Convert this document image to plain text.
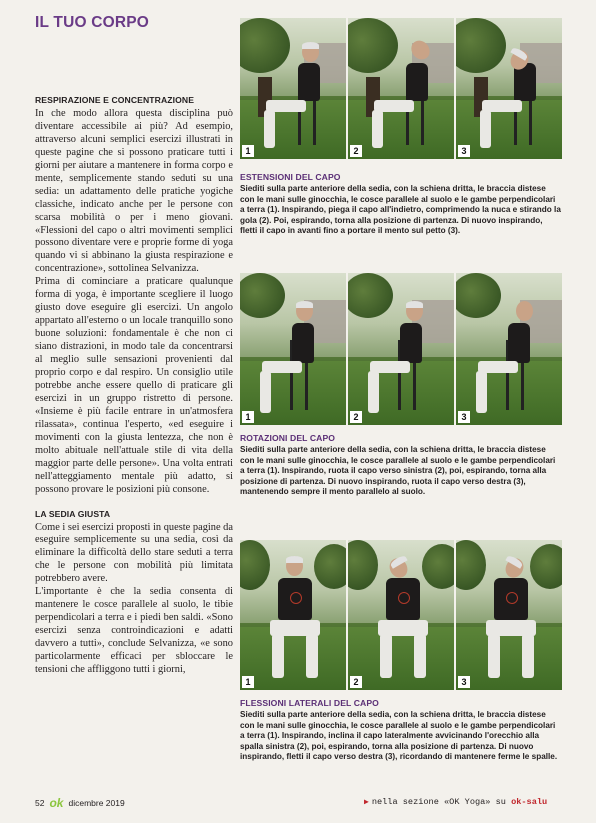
IL TUO CORPO
RESPIRAZIONE E CONCENTRAZIONE

In che modo allora questa disciplina può diventare accessibile ai più? Ad esempio, attraverso alcuni semplici esercizi illustrati in queste pagine che si possono praticare tutti i giorni per aiutare a mantenere in forma corpo e mente, semplicemente stando seduti su una sedia: un adattamento delle pratiche yogiche classiche, indicato anche per le persone con scarsa mobilità o per i meno giovani. «Flessioni del capo o altri movimenti semplici possono diventare vere e proprie forme di yoga quando vi si abbinano la giusta respirazione e concentrazione», sottolinea Selvanizza.

Prima di cominciare a praticare qualunque forma di yoga, è importante scegliere il luogo giusto dove eseguire gli esercizi. Un angolo appartato all'esterno o un locale tranquillo sono buone soluzioni: fondamentale è che non ci siano distrazioni, in modo tale da concentrarsi al meglio sulle sensazioni provenienti dal proprio corpo e dal respiro. Un consiglio utile potrebbe anche essere quello di praticare gli esercizi in un gruppo ristretto di persone. «Insieme è più facile entrare in un'atmosfera rilassata», continua l'esperto, «ed eseguire i movimenti con la giusta lentezza, che non è molto abituale nell'attuale stile di vita della maggior parte delle persone». Una volta entrati nell'atteggiamento mentale più adatto, si possono provare le posizioni più consone.

LA SEDIA GIUSTA

Come i sei esercizi proposti in queste pagine da eseguire semplicemente su una sedia, così da eliminare la difficoltà dello stare seduti a terra che le persone con mobilità più limitata potrebbero avere.

L'importante è che la sedia consenta di mantenere le cosce parallele al suolo, le tibie perpendicolari a terra e i piedi ben saldi. «Sono esercizi senza controindicazioni e adatti davvero a tutti», conclude Selvanizza, «e sono particolarmente efficaci per sbloccare le tensioni che affliggono tutti i giorni,

1	2	3
ESTENSIONI DEL CAPO
Siediti sulla parte anteriore della sedia, con la schiena dritta, le braccia distese con le mani sulle ginocchia, le cosce parallele al suolo e le gambe perpendicolari a terra (1). Inspirando, piega il capo all'indietro, comprimendo la nuca e stirando la gola (2). Poi, espirando, torna alla posizione di partenza. Di nuovo inspirando, fletti il capo in avanti fino a portare il mento sul petto (3).
1	2	3
ROTAZIONI DEL CAPO
Siediti sulla parte anteriore della sedia, con la schiena dritta, le braccia distese con le mani sulle ginocchia, le cosce parallele al suolo e le gambe perpendicolari a terra (1). Inspirando, ruota il capo verso sinistra (2), poi, espirando, torna alla posizione di partenza. Di nuovo inspirando, ruota il capo verso destra (3), mantenendo sempre il mento parallelo al suolo.
1	2	3
FLESSIONI LATERALI DEL CAPO
Siediti sulla parte anteriore della sedia, con la schiena dritta, le braccia distese con le mani sulle ginocchia, le cosce parallele al suolo e le gambe perpendicolari a terra (1). Inspirando, inclina il capo lateralmente avvicinando l'orecchio alla spalla sinistra (2), poi, espirando, torna alla posizione di partenza. Di nuovo inspirando, fletti il capo verso destra (3), ricordando di mantenere ferme le spalle.
52 ok dicembre 2019	▶ nella sezione «OK Yoga» su ok-salu
